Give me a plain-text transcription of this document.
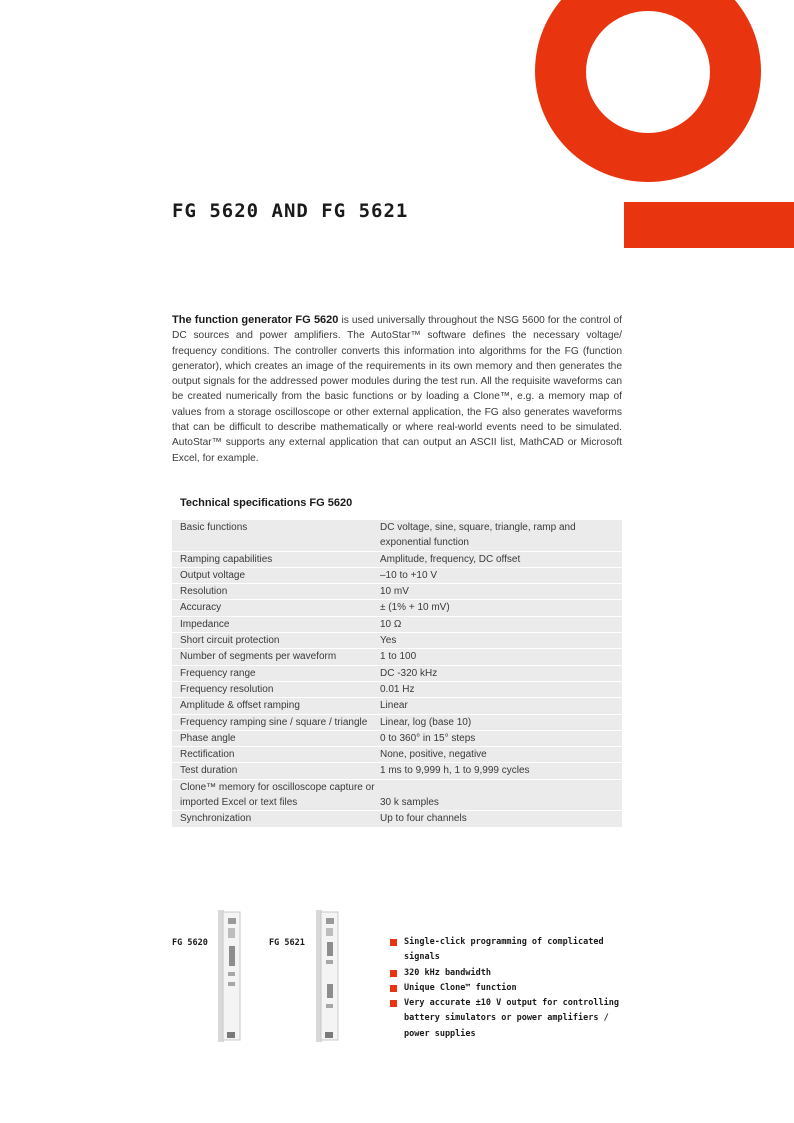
FG 5620 AND FG 5621

The function generator FG 5620 is used universally throughout the NSG 5600 for the control of DC sources and power amplifiers. The AutoStar™ software defines the necessary voltage/ frequency conditions. The controller converts this information into algorithms for the FG (function generator), which creates an image of the requirements in its own memory and then generates the output signals for the addressed power modules during the test run. All the requisite waveforms can be created numerically from the basic functions or by loading a Clone™, e.g. a memory map of values from a storage oscilloscope or other external application, the FG also generates waveforms that can be difficult to describe mathematically or where real-world events need to be simulated. AutoStar™ supports any external application that can output an ASCII list, MathCAD or Microsoft Excel, for example.

Technical specifications FG 5620
Basic functions	DC voltage, sine, square, triangle, ramp and exponential function
Ramping capabilities	Amplitude, frequency, DC offset
Output voltage	–10 to +10 V
Resolution	10 mV
Accuracy	± (1% + 10 mV)
Impedance	10 Ω
Short circuit protection	Yes
Number of segments per waveform	1 to 100
Frequency range	DC -320 kHz
Frequency resolution	0.01 Hz
Amplitude & offset ramping	Linear
Frequency ramping sine / square / triangle	Linear, log (base 10)
Phase angle	0 to 360° in 15° steps
Rectification	None, positive, negative
Test duration	1 ms to 9,999 h, 1 to 9,999 cycles
Clone™ memory for oscilloscope capture or imported Excel or text files	30 k samples
Synchronization	Up to four channels
FG 5620	FG 5621	Single-click programming of complicated signals
320 kHz bandwidth
Unique Clone™ function
Very accurate ±10 V output for controlling battery simulators or power amplifiers / power supplies
